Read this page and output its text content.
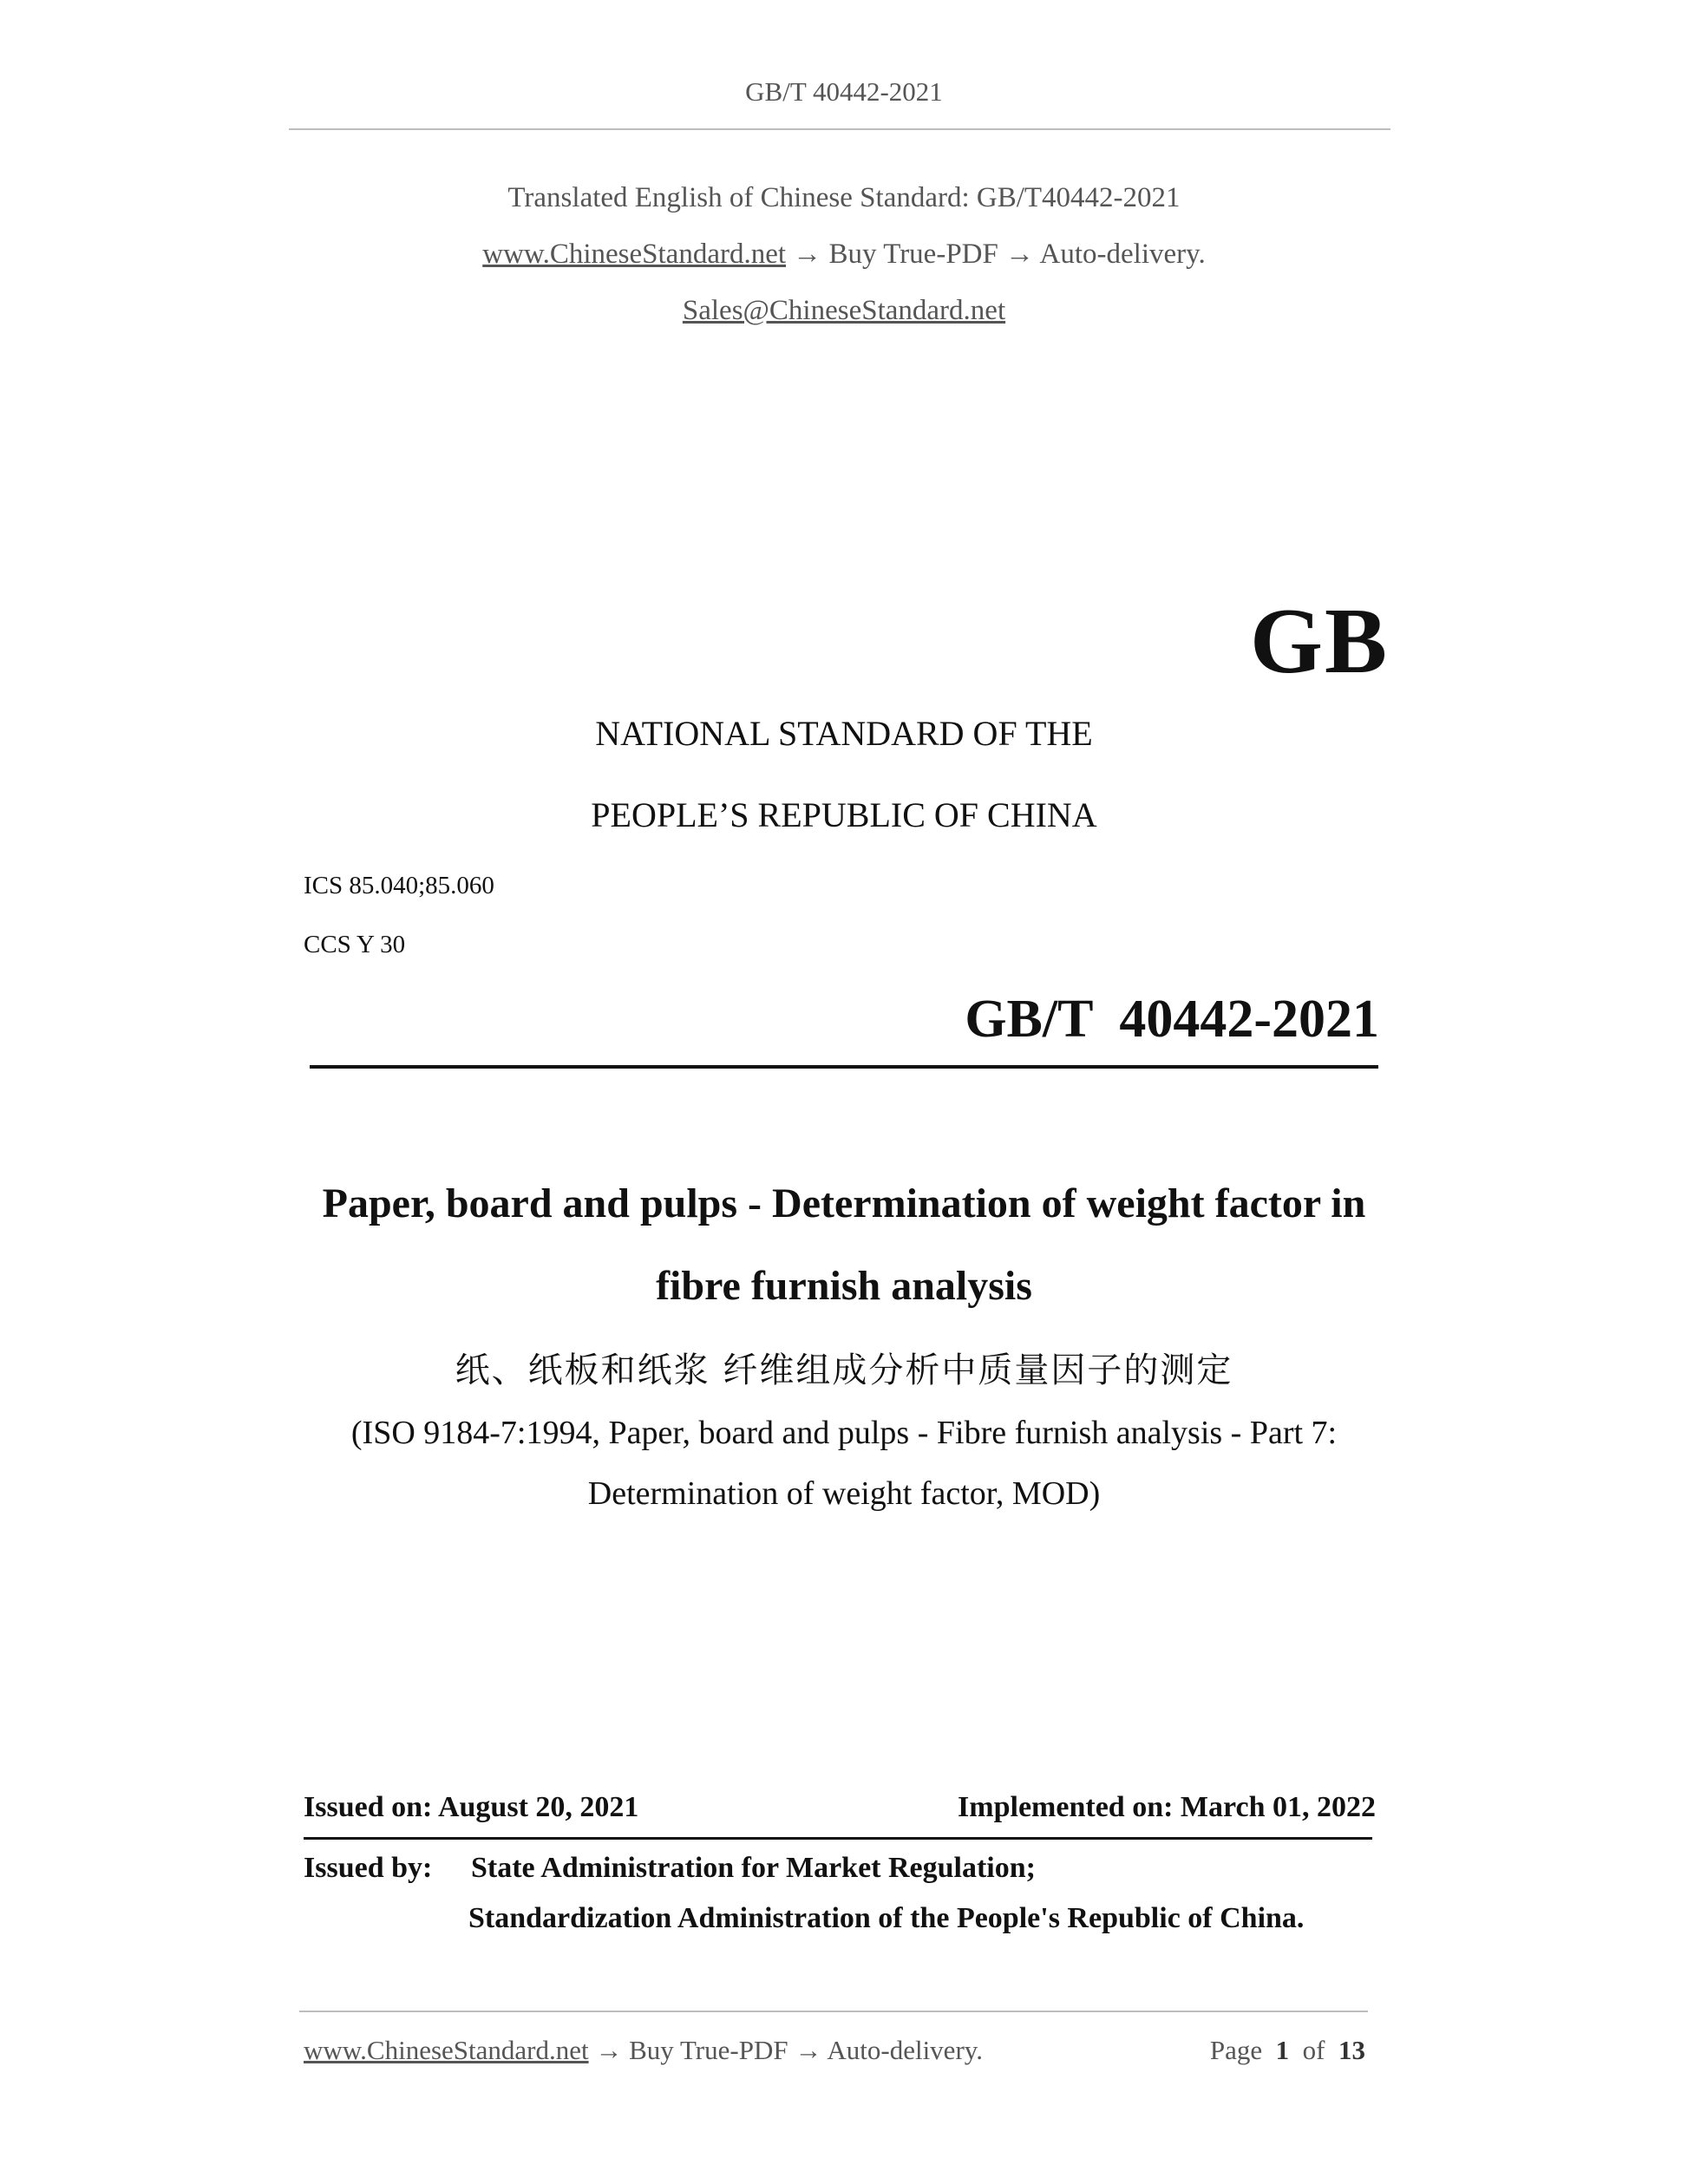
GB/T 40442-2021
Translated English of Chinese Standard: GB/T40442-2021
www.ChineseStandard.net → Buy True-PDF → Auto-delivery.
Sales@ChineseStandard.net
GB
NATIONAL STANDARD OF THE
PEOPLE’S REPUBLIC OF CHINA
ICS 85.040;85.060
CCS Y 30
GB/T  40442-2021
Paper, board and pulps - Determination of weight factor in
fibre furnish analysis
纸、纸板和纸浆 纤维组成分析中质量因子的测定
(ISO 9184-7:1994, Paper, board and pulps - Fibre furnish analysis - Part 7:
Determination of weight factor, MOD)
Issued on: August 20, 2021	Implemented on: March 01, 2022
Issued by: State Administration for Market Regulation;
Standardization Administration of the People's Republic of China.
www.ChineseStandard.net → Buy True-PDF → Auto-delivery.	Page 1 of 13
